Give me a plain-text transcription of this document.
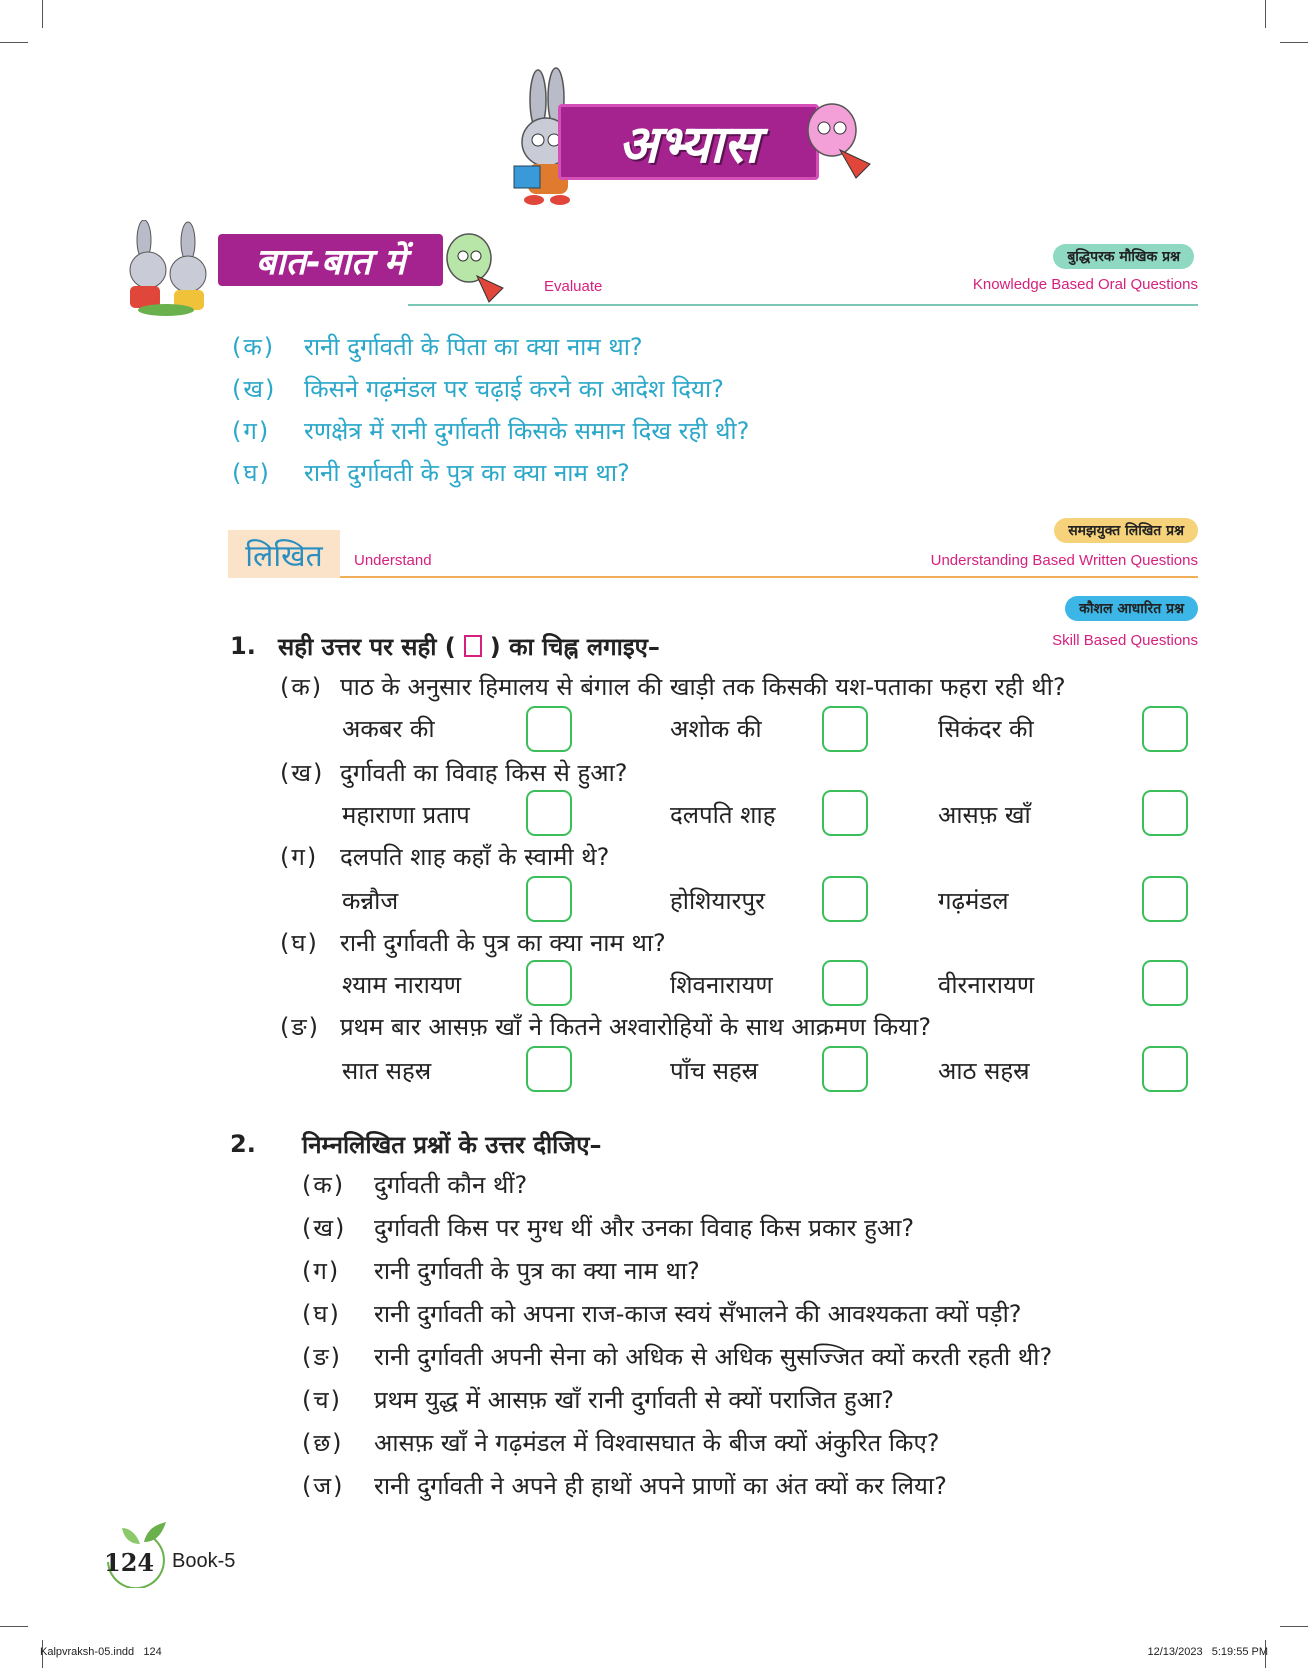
अभ्यास
बात-बात में
Evaluate
बुद्धिपरक मौखिक प्रश्न
Knowledge Based Oral Questions
(क)	रानी दुर्गावती के पिता का क्या नाम था?
(ख)	किसने गढ़मंडल पर चढ़ाई करने का आदेश दिया?
(ग)	रणक्षेत्र में रानी दुर्गावती किसके समान दिख रही थी?
(घ)	रानी दुर्गावती के पुत्र का क्या नाम था?
लिखित Understand
समझयुक्त लिखित प्रश्न
Understanding Based Written Questions
कौशल आधारित प्रश्न
Skill Based Questions
1. सही उत्तर पर सही ( ) का चिह्न लगाइए–
(क) पाठ के अनुसार हिमालय से बंगाल की खाड़ी तक किसकी यश-पताका फहरा रही थी?
अकबर की	अशोक की	सिकंदर की
(ख) दुर्गावती का विवाह किस से हुआ?
महाराणा प्रताप	दलपति शाह	आसफ़ खाँ
(ग) दलपति शाह कहाँ के स्वामी थे?
कन्नौज	होशियारपुर	गढ़मंडल
(घ) रानी दुर्गावती के पुत्र का क्या नाम था?
श्याम नारायण	शिवनारायण	वीरनारायण
(ङ) प्रथम बार आसफ़ खाँ ने कितने अश्वारोहियों के साथ आक्रमण किया?
सात सहस्र	पाँच सहस्र	आठ सहस्र
2.	निम्नलिखित प्रश्नों के उत्तर दीजिए–
(क)	दुर्गावती कौन थीं?
(ख)	दुर्गावती किस पर मुग्ध थीं और उनका विवाह किस प्रकार हुआ?
(ग)	रानी दुर्गावती के पुत्र का क्या नाम था?
(घ)	रानी दुर्गावती को अपना राज-काज स्वयं सँभालने की आवश्यकता क्यों पड़ी?
(ङ)	रानी दुर्गावती अपनी सेना को अधिक से अधिक सुसज्जित क्यों करती रहती थी?
(च)	प्रथम युद्ध में आसफ़ खाँ रानी दुर्गावती से क्यों पराजित हुआ?
(छ)	आसफ़ खाँ ने गढ़मंडल में विश्वासघात के बीज क्यों अंकुरित किए?
(ज)	रानी दुर्गावती ने अपने ही हाथों अपने प्राणों का अंत क्यों कर लिया?
124 Book-5
Kalpvraksh-05.indd   124	12/13/2023   5:19:55 PM
